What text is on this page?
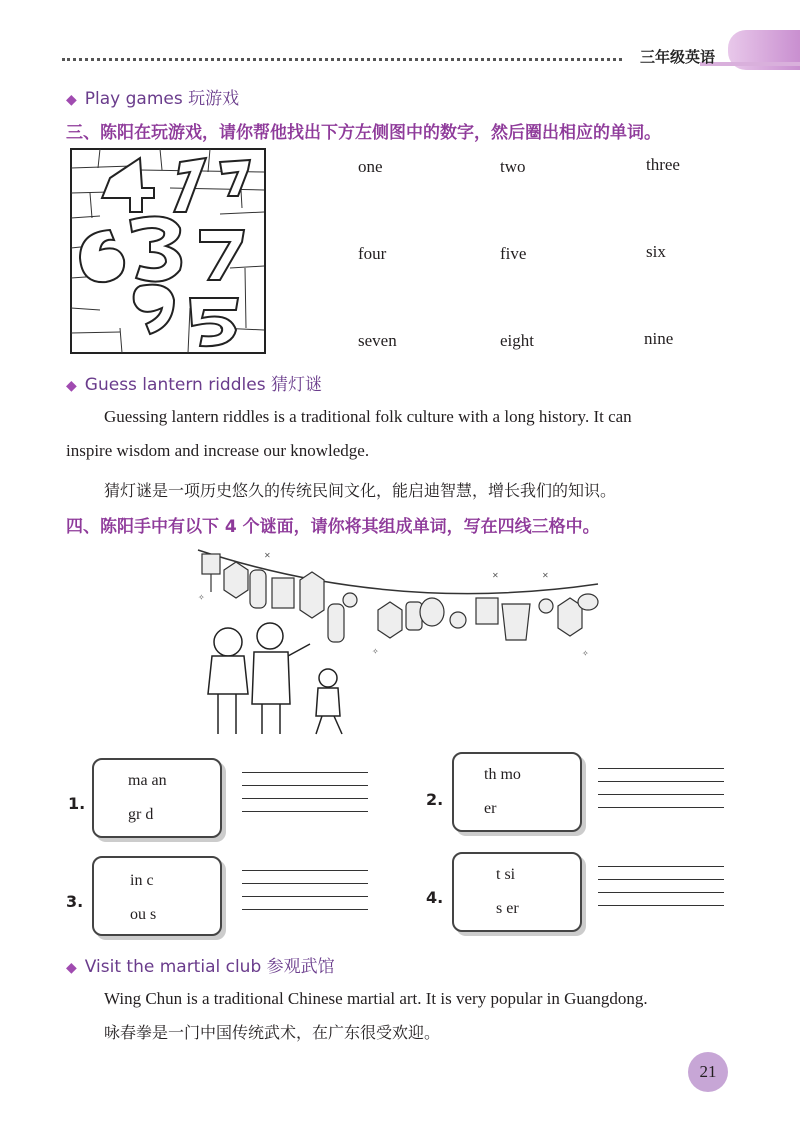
三年级英语
◆ Play games 玩游戏
三、陈阳在玩游戏，请你帮他找出下方左侧图中的数字，然后圈出相应的单词。
one	two	three
four	five	six
seven	eight	nine
◆ Guess lantern riddles 猜灯谜
Guessing lantern riddles is a traditional folk culture with a long history. It can
inspire wisdom and increase our knowledge.
猜灯谜是一项历史悠久的传统民间文化，能启迪智慧，增长我们的知识。
四、陈阳手中有以下 4 个谜面，请你将其组成单词，写在四线三格中。
✧
✕
✧
✕	✕
✧
1.
ma an
gr d
2.
th mo
er
3.
in c
ou s
4.
t si
s er
◆ Visit the martial club 参观武馆
Wing Chun is a traditional Chinese martial art. It is very popular in Guangdong.
咏春拳是一门中国传统武术，在广东很受欢迎。
21
